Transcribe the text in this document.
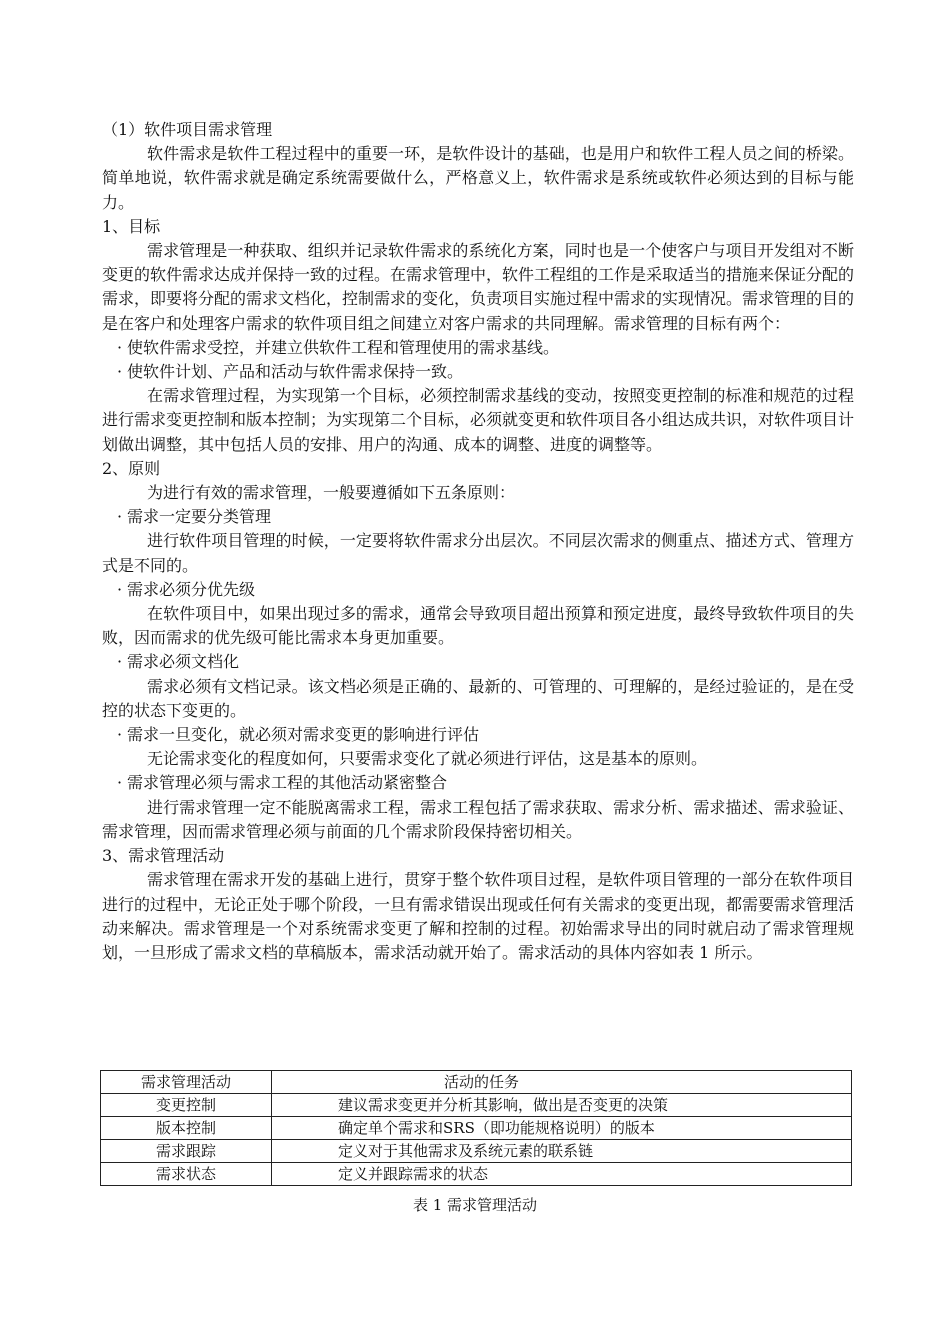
（1）软件项目需求管理

软件需求是软件工程过程中的重要一环，是软件设计的基础，也是用户和软件工程人员之间的桥梁。简单地说，软件需求就是确定系统需要做什么，严格意义上，软件需求是系统或软件必须达到的目标与能力。

1、目标

需求管理是一种获取、组织并记录软件需求的系统化方案，同时也是一个使客户与项目开发组对不断变更的软件需求达成并保持一致的过程。在需求管理中，软件工程组的工作是采取适当的措施来保证分配的需求，即要将分配的需求文档化，控制需求的变化，负责项目实施过程中需求的实现情况。需求管理的目的是在客户和处理客户需求的软件项目组之间建立对客户需求的共同理解。需求管理的目标有两个：

· 使软件需求受控，并建立供软件工程和管理使用的需求基线。

· 使软件计划、产品和活动与软件需求保持一致。

在需求管理过程，为实现第一个目标，必须控制需求基线的变动，按照变更控制的标准和规范的过程进行需求变更控制和版本控制；为实现第二个目标，必须就变更和软件项目各小组达成共识，对软件项目计划做出调整，其中包括人员的安排、用户的沟通、成本的调整、进度的调整等。

2、原则

为进行有效的需求管理，一般要遵循如下五条原则：

· 需求一定要分类管理

进行软件项目管理的时候，一定要将软件需求分出层次。不同层次需求的侧重点、描述方式、管理方式是不同的。

· 需求必须分优先级

在软件项目中，如果出现过多的需求，通常会导致项目超出预算和预定进度，最终导致软件项目的失败，因而需求的优先级可能比需求本身更加重要。

· 需求必须文档化

需求必须有文档记录。该文档必须是正确的、最新的、可管理的、可理解的，是经过验证的，是在受控的状态下变更的。

· 需求一旦变化，就必须对需求变更的影响进行评估

无论需求变化的程度如何，只要需求变化了就必须进行评估，这是基本的原则。

· 需求管理必须与需求工程的其他活动紧密整合

进行需求管理一定不能脱离需求工程，需求工程包括了需求获取、需求分析、需求描述、需求验证、需求管理，因而需求管理必须与前面的几个需求阶段保持密切相关。

3、需求管理活动

需求管理在需求开发的基础上进行，贯穿于整个软件项目过程，是软件项目管理的一部分在软件项目进行的过程中，无论正处于哪个阶段，一旦有需求错误出现或任何有关需求的变更出现，都需要需求管理活动来解决。需求管理是一个对系统需求变更了解和控制的过程。初始需求导出的同时就启动了需求管理规划，一旦形成了需求文档的草稿版本，需求活动就开始了。需求活动的具体内容如表 1 所示。

需求管理活动	活动的任务
变更控制	建议需求变更并分析其影响，做出是否变更的决策
版本控制	确定单个需求和SRS（即功能规格说明）的版本
需求跟踪	定义对于其他需求及系统元素的联系链
需求状态	定义并跟踪需求的状态
表 1 需求管理活动
